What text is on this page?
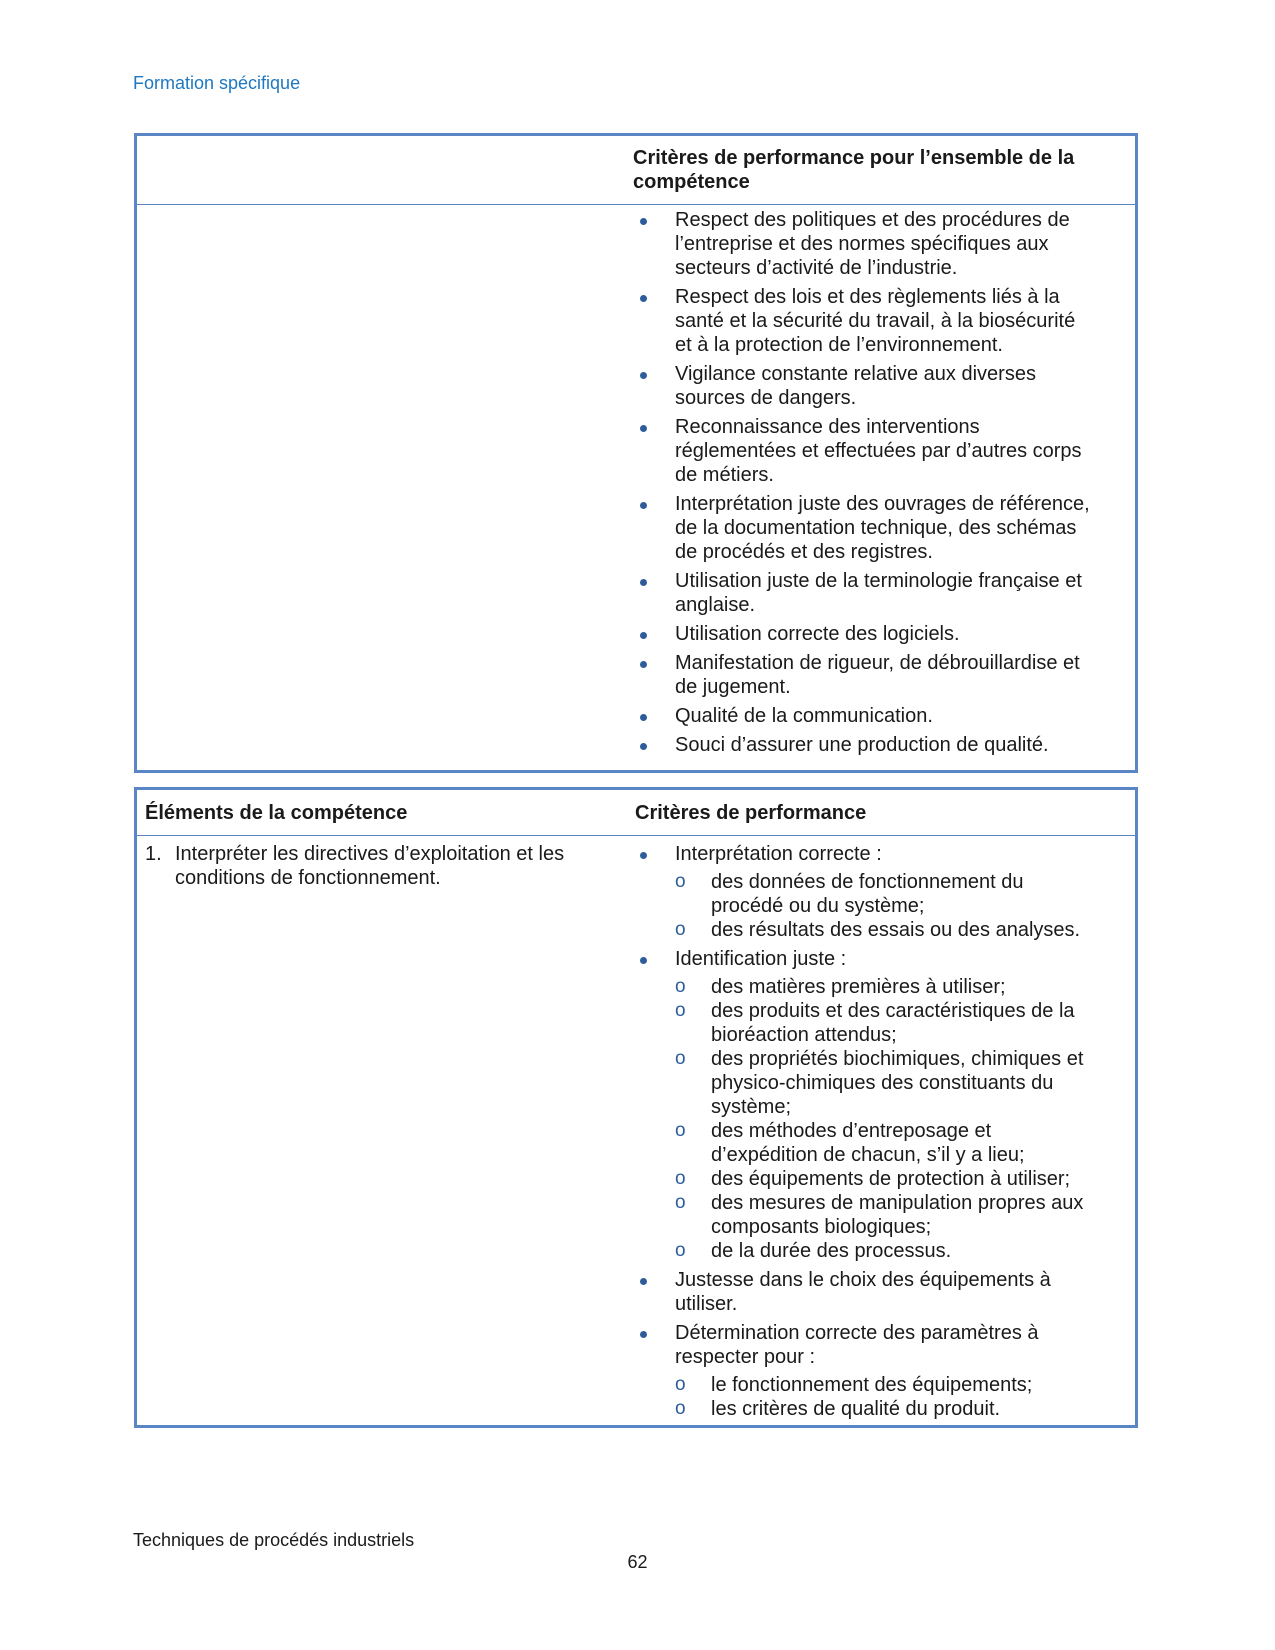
Formation spécifique
Critères de performance pour l’ensemble de la compétence
Respect des politiques et des procédures de l’entreprise et des normes spécifiques aux secteurs d’activité de l’industrie.
Respect des lois et des règlements liés à la santé et la sécurité du travail, à la biosécurité et à la protection de l’environnement.
Vigilance constante relative aux diverses sources de dangers.
Reconnaissance des interventions réglementées et effectuées par d’autres corps de métiers.
Interprétation juste des ouvrages de référence, de la documentation technique, des schémas de procédés et des registres.
Utilisation juste de la terminologie française et anglaise.
Utilisation correcte des logiciels.
Manifestation de rigueur, de débrouillardise et de jugement.
Qualité de la communication.
Souci d’assurer une production de qualité.
Éléments de la compétence	Critères de performance
1. Interpréter les directives d’exploitation et les conditions de fonctionnement.
Interprétation correcte :
o des données de fonctionnement du procédé ou du système;
o des résultats des essais ou des analyses.
Identification juste :
o des matières premières à utiliser;
o des produits et des caractéristiques de la bioréaction attendus;
o des propriétés biochimiques, chimiques et physico-chimiques des constituants du système;
o des méthodes d’entreposage et d’expédition de chacun, s’il y a lieu;
o des équipements de protection à utiliser;
o des mesures de manipulation propres aux composants biologiques;
o de la durée des processus.
Justesse dans le choix des équipements à utiliser.
Détermination correcte des paramètres à respecter pour :
o le fonctionnement des équipements;
o les critères de qualité du produit.
Techniques de procédés industriels
62
